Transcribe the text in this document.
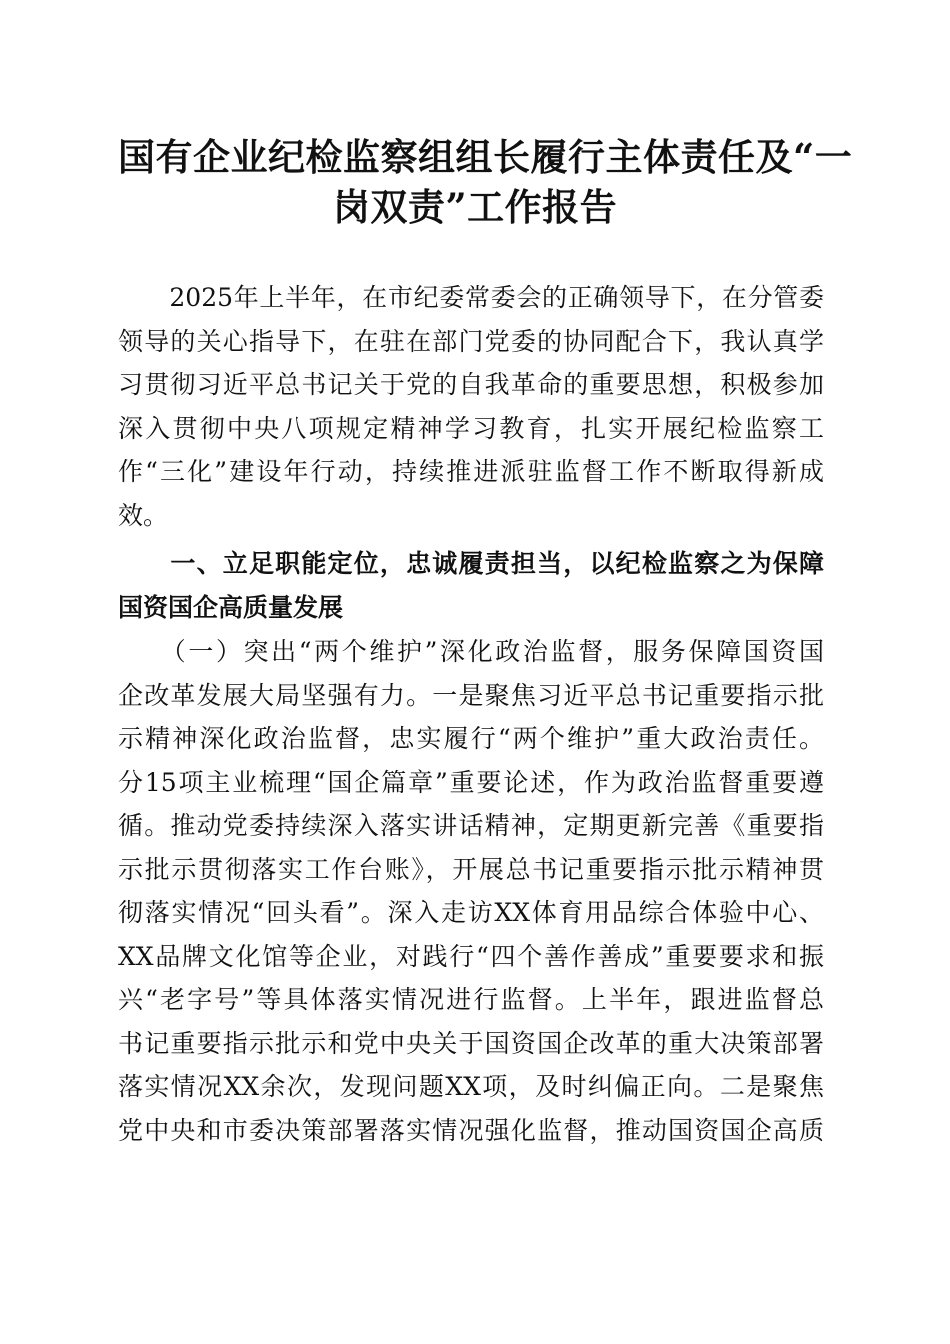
国有企业纪检监察组组长履行主体责任及“一
岗双责”工作报告

　　2025年上半年，在市纪委常委会的正确领导下，在分管委
领导的关心指导下，在驻在部门党委的协同配合下，我认真学
习贯彻习近平总书记关于党的自我革命的重要思想，积极参加
深入贯彻中央八项规定精神学习教育，扎实开展纪检监察工
作“三化”建设年行动，持续推进派驻监督工作不断取得新成
效。

　　一、立足职能定位，忠诚履责担当，以纪检监察之为保障
国资国企高质量发展

　　（一）突出“两个维护”深化政治监督，服务保障国资国
企改革发展大局坚强有力。一是聚焦习近平总书记重要指示批
示精神深化政治监督，忠实履行“两个维护”重大政治责任。
分15项主业梳理“国企篇章”重要论述，作为政治监督重要遵
循。推动党委持续深入落实讲话精神，定期更新完善《重要指
示批示贯彻落实工作台账》，开展总书记重要指示批示精神贯
彻落实情况“回头看”。深入走访XX体育用品综合体验中心、
XX品牌文化馆等企业，对践行“四个善作善成”重要要求和振
兴“老字号”等具体落实情况进行监督。上半年，跟进监督总
书记重要指示批示和党中央关于国资国企改革的重大决策部署
落实情况XX余次，发现问题XX项，及时纠偏正向。二是聚焦
党中央和市委决策部署落实情况强化监督，推动国资国企高质
